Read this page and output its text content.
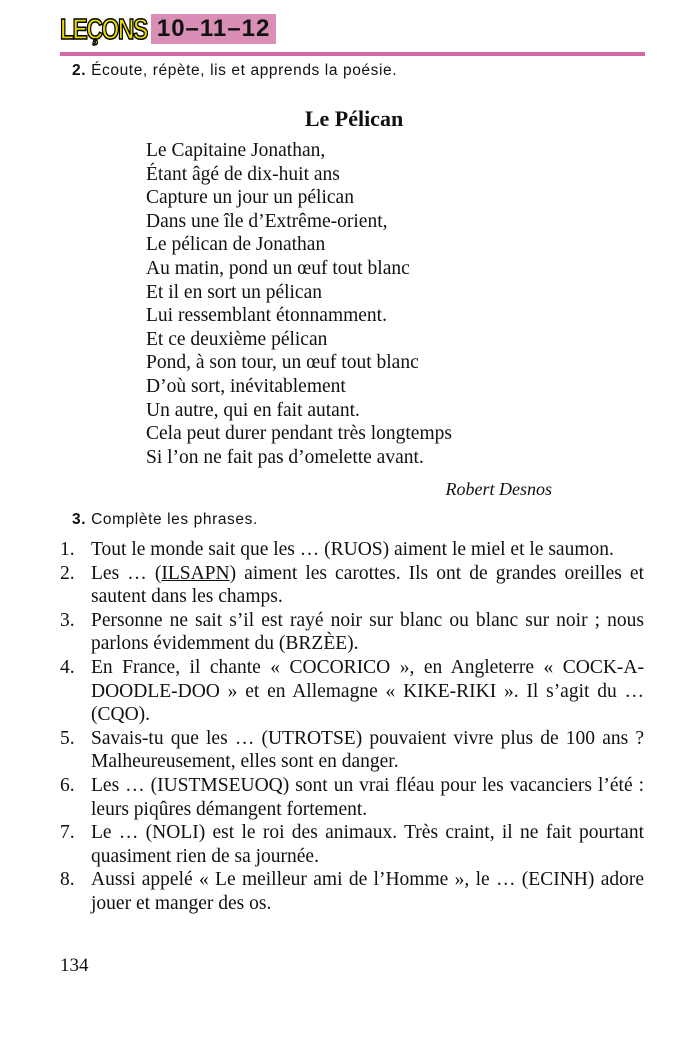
LEÇONS 10–11–12
2. Écoute, répète, lis et apprends la poésie.
Le Pélican
Le Capitaine Jonathan,
Étant âgé de dix-huit ans
Capture un jour un pélican
Dans une île d’Extrême-orient,
Le pélican de Jonathan
Au matin, pond un œuf tout blanc
Et il en sort un pélican
Lui ressemblant étonnamment.
Et ce deuxième pélican
Pond, à son tour, un œuf tout blanc
D’où sort, inévitablement
Un autre, qui en fait autant.
Cela peut durer pendant très longtemps
Si l’on ne fait pas d’omelette avant.
Robert Desnos
3. Complète les phrases.
1. Tout le monde sait que les … (RUOS) aiment le miel et le saumon.
2. Les … (ILSAPN) aiment les carottes. Ils ont de grandes oreilles et sautent dans les champs.
3. Personne ne sait s’il est rayé noir sur blanc ou blanc sur noir ; nous parlons évidemment du (BRZÈE).
4. En France, il chante « COCORICO », en Angleterre « COCK-A-DOODLE-DOO » et en Allemagne « KIKE-RIKI ». Il s’agit du … (CQO).
5. Savais-tu que les … (UTROTSE) pouvaient vivre plus de 100 ans ? Malheureusement, elles sont en danger.
6. Les … (IUSTMSEUOQ) sont un vrai fléau pour les vacanciers l’été : leurs piqûres démangent fortement.
7. Le … (NOLI) est le roi des animaux. Très craint, il ne fait pourtant quasiment rien de sa journée.
8. Aussi appelé « Le meilleur ami de l’Homme », le … (ECINH) adore jouer et manger des os.
134
